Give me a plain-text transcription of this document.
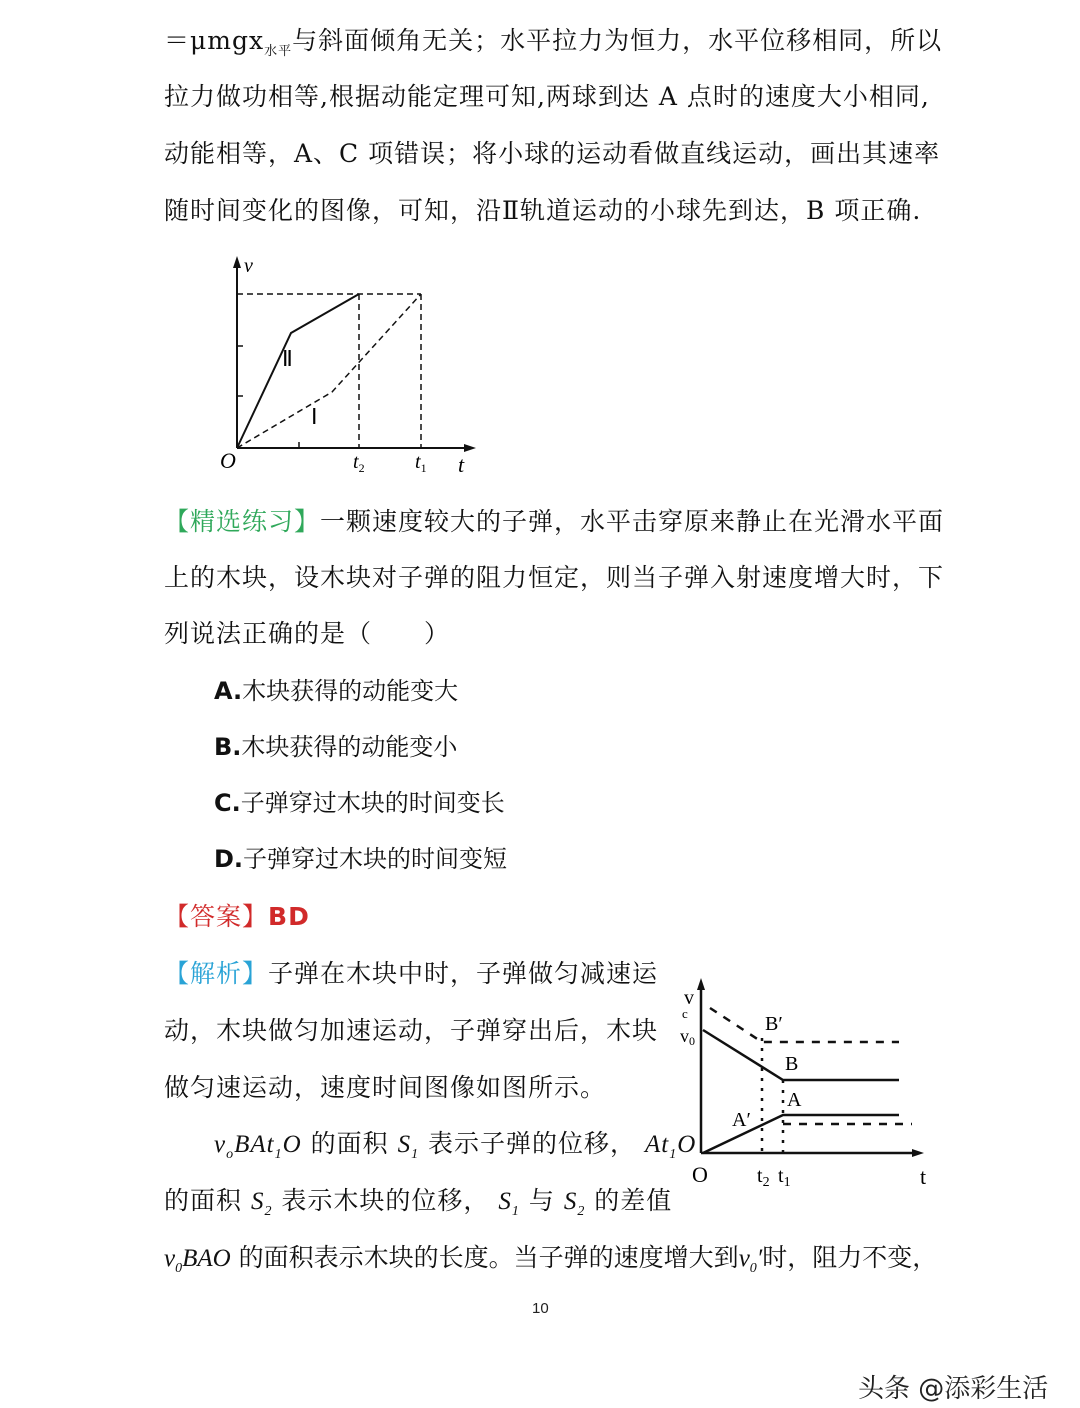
＝μmgx$_{水平}$与斜面倾角无关；水平拉力为恒力，水平位移相同，所以
拉力做功相等,根据动能定理可知,两球到达 A 点时的速度大小相同,
动能相等，A、C 项错误；将小球的运动看做直线运动，画出其速率
随时间变化的图像，可知，沿Ⅱ轨道运动的小球先到达，B 项正确.
v
O
Ⅱ
Ⅰ
$t_2$	$t_1$ t
【精选练习】一颗速度较大的子弹，水平击穿原来静止在光滑水平面
上的木块，设木块对子弹的阻力恒定，则当子弹入射速度增大时，下
列说法正确的是（　　）
A.木块获得的动能变大
B.木块获得的动能变小
C.子弹穿过木块的时间变长
D.子弹穿过木块的时间变短
【答案】BD
【解析】子弹在木块中时，子弹做匀减速运
动，木块做匀加速运动，子弹穿出后，木块
做匀速运动，速度时间图像如图所示。
$v_oBAt_1O$ 的面积 $S_1$ 表示子弹的位移， $At_1O$
的面积 $S_2$ 表示木块的位移， $S_1$ 与 $S_2$ 的差值
$v_0BAO$ 的面积表示木块的长度。当子弹的速度增大到$v_0'$时，阻力不变，
v c
v0
B′
B
A
A′
O $t_2$ $t_1$	t
10
头条 @添彩生活
